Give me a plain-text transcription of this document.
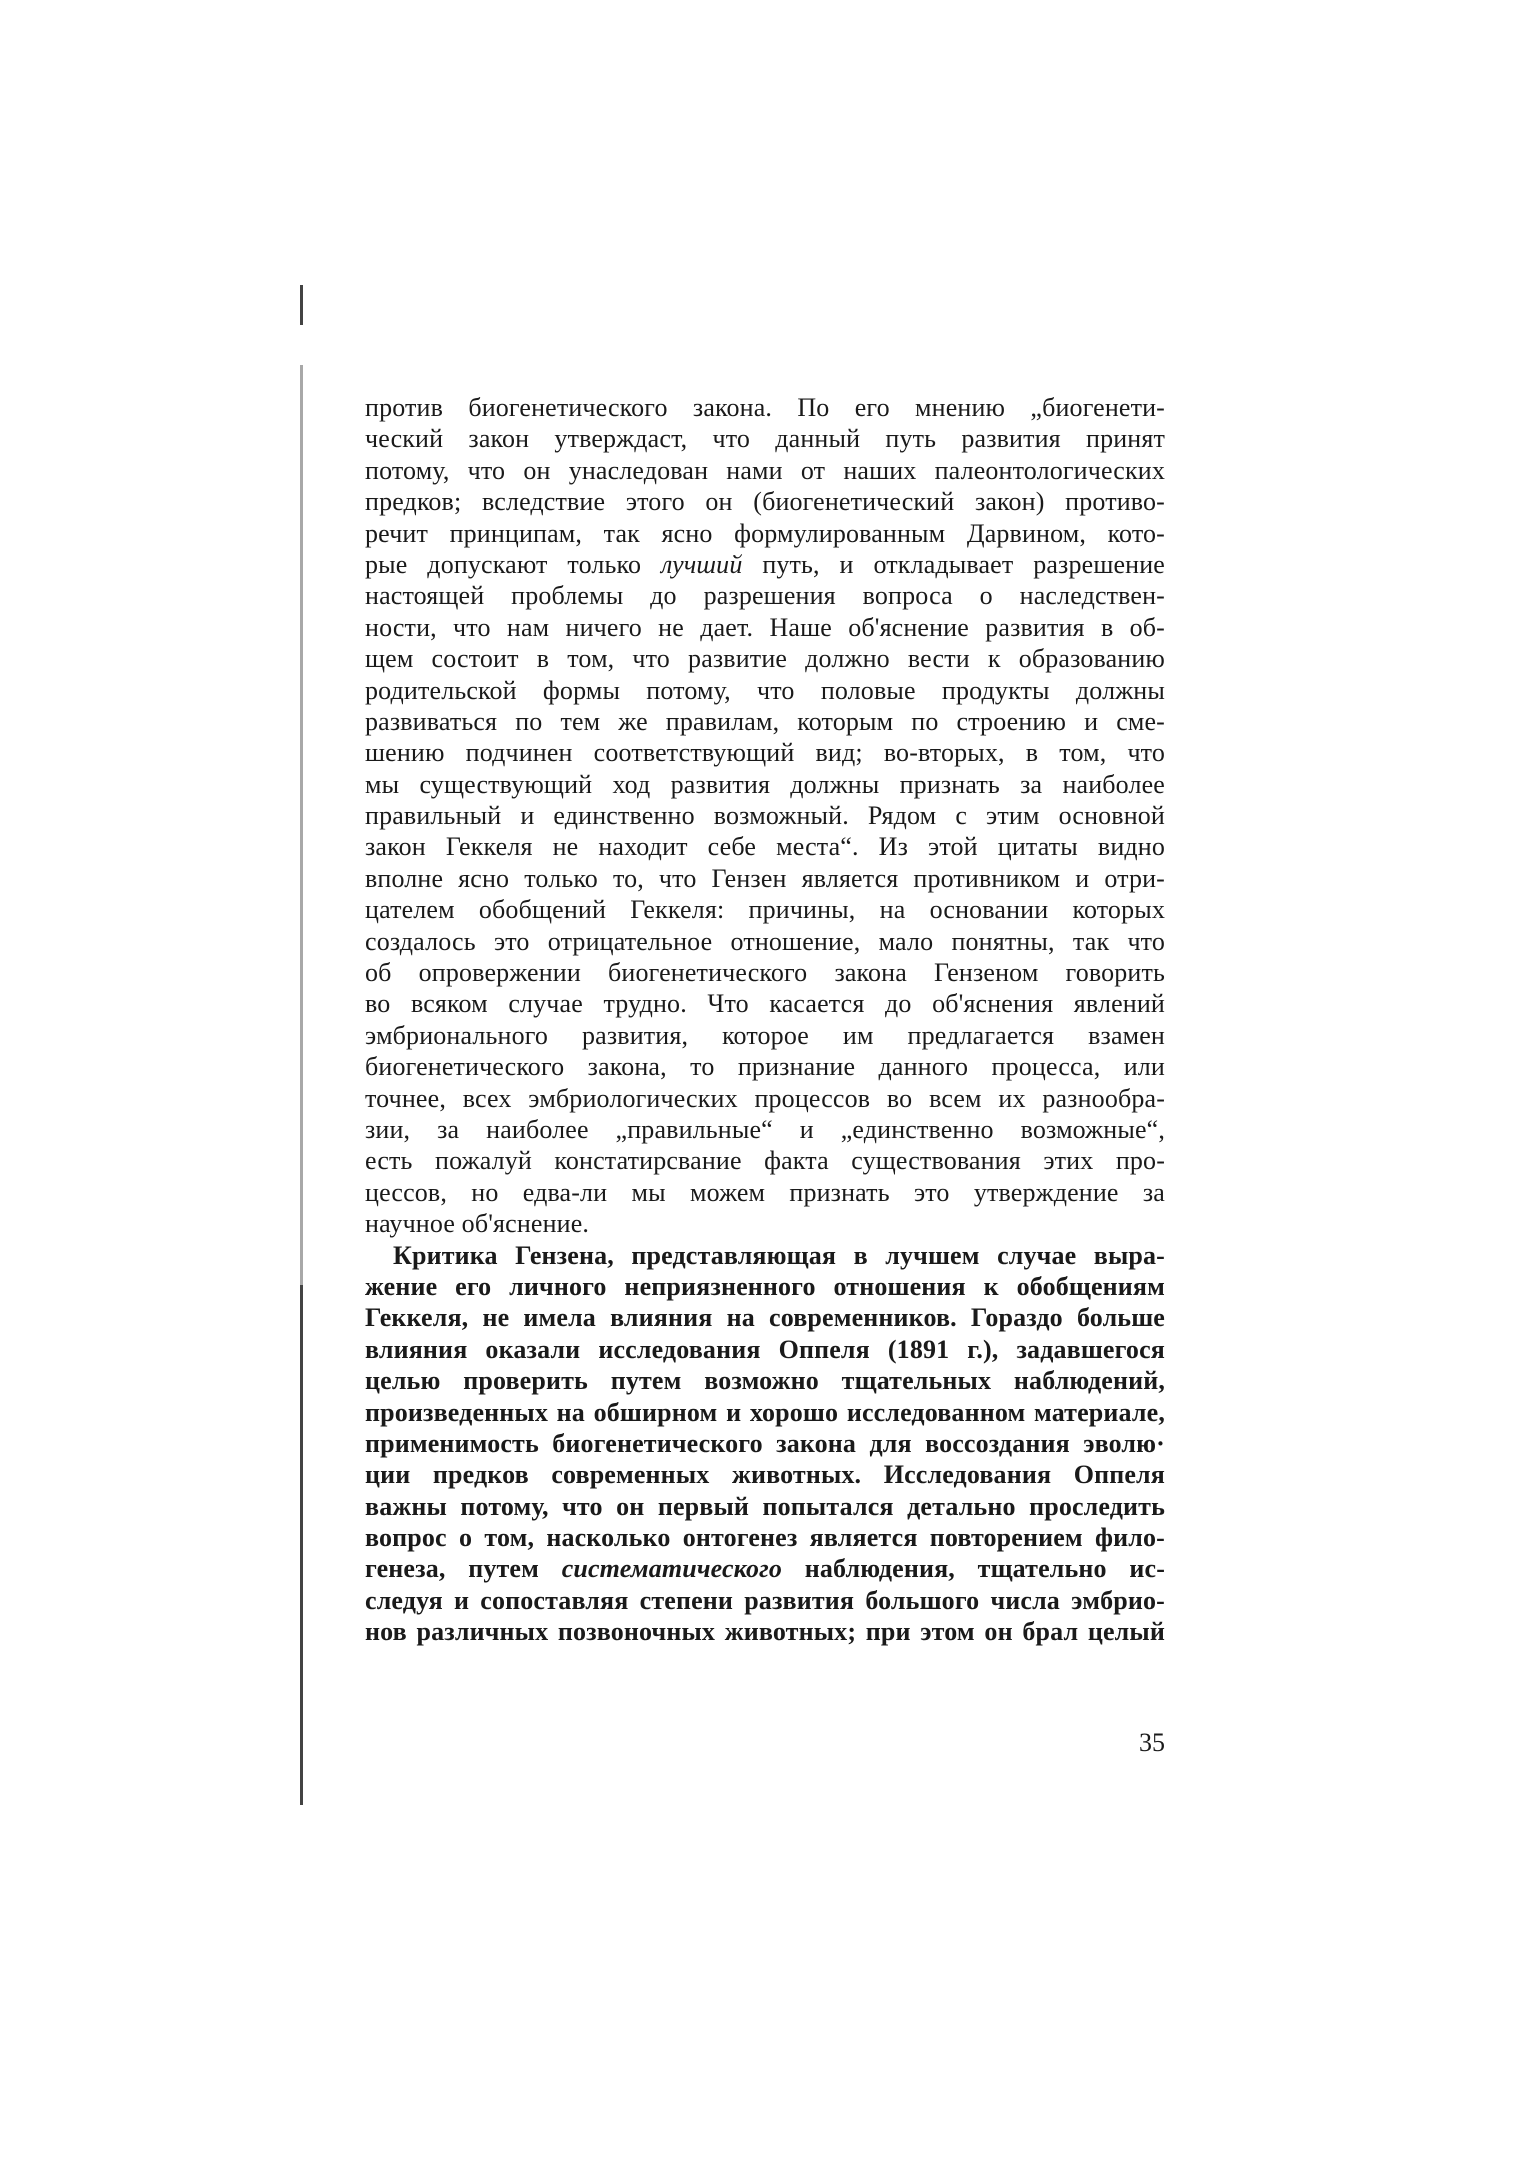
против биогенетического закона. По его мнению „биогенети-
ческий закон утверждаст, что данный путь развития принят
потому, что он унаследован нами от наших палеонтологических
предков; вследствие этого он (биогенетический закон) противо-
речит принципам, так ясно формулированным Дарвином, кото-
рые допускают только лучший путь, и откладывает разрешение
настоящей проблемы до разрешения вопроса о наследствен-
ности, что нам ничего не дает. Наше об'яснение развития в об-
щем состоит в том, что развитие должно вести к образованию
родительской формы потому, что половые продукты должны
развиваться по тем же правилам, которым по строению и сме-
шению подчинен соответствующий вид; во-вторых, в том, что
мы существующий ход развития должны признать за наиболее
правильный и единственно возможный. Рядом с этим основной
закон Геккеля не находит себе места“. Из этой цитаты видно
вполне ясно только то, что Гензен является противником и отри-
цателем обобщений Геккеля: причины, на основании которых
создалось это отрицательное отношение, мало понятны, так что
об опровержении биогенетического закона Гензеном говорить
во всяком случае трудно. Что касается до об'яснения явлений
эмбрионального развития, которое им предлагается взамен
биогенетического закона, то признание данного процесса, или
точнее, всех эмбриологических процессов во всем их разнообра-
зии, за наиболее „правильные“ и „единственно возможные“,
есть пожалуй констатирсвание факта существования этих про-
цессов, но едва-ли мы можем признать это утверждение за
научное об'яснение.

Критика Гензена, представляющая в лучшем случае выра-
жение его личного неприязненного отношения к обобщениям
Геккеля, не имела влияния на современников. Гораздо больше
влияния оказали исследования Оппеля (1891 г.), задавшегося
целью проверить путем возможно тщательных наблюдений,
произведенных на обширном и хорошо исследованном материале,
применимость биогенетического закона для воссоздания эволю·
ции предков современных животных. Исследования Оппеля
важны потому, что он первый попытался детально проследить
вопрос о том, насколько онтогенез является повторением фило-
генеза, путем систематического наблюдения, тщательно ис-
следуя и сопоставляя степени развития большого числа эмбрио-
нов различных позвоночных животных; при этом он брал целый

35
